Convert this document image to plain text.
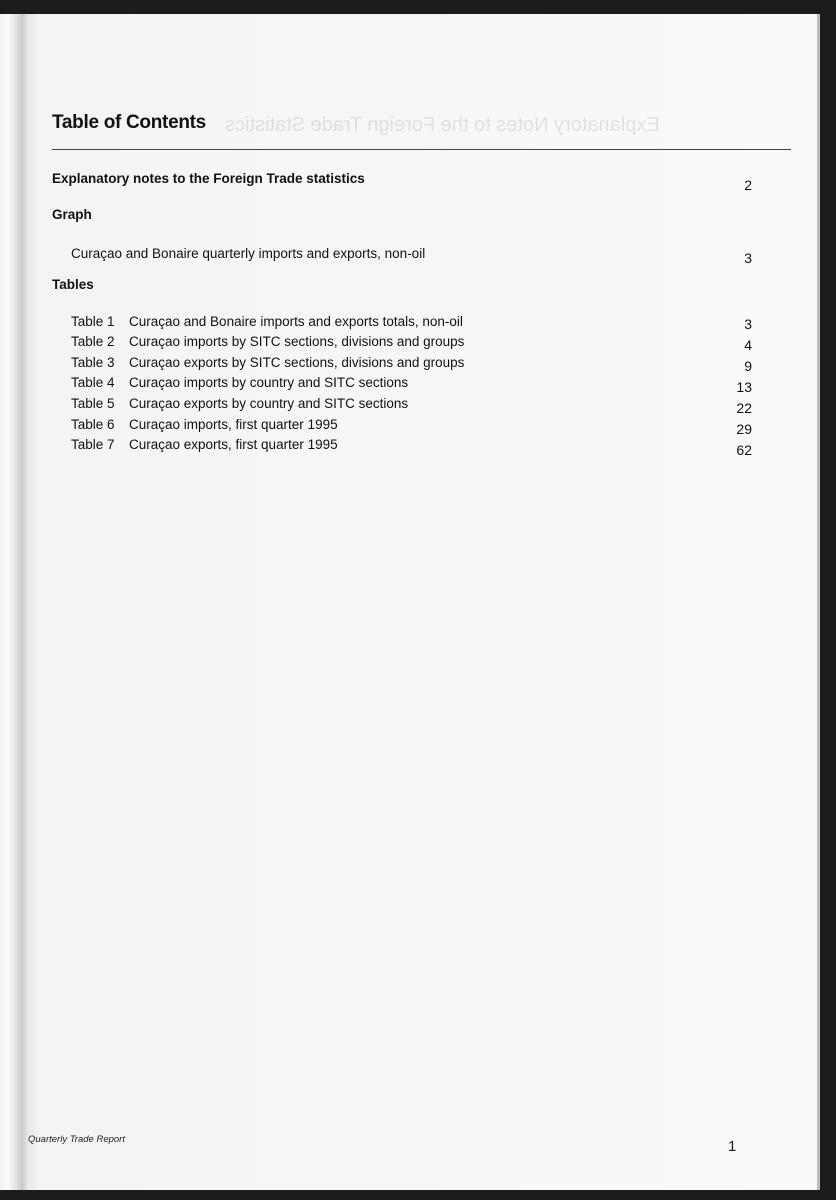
Explanatory Notes to the Foreign Trade Statistics
Table of Contents
Explanatory notes to the Foreign Trade statistics	2
Graph
Curaçao and Bonaire quarterly imports and exports, non-oil	3
Tables
Table 1 Curaçao and Bonaire imports and exports totals, non-oil	3
Table 2 Curaçao imports by SITC sections, divisions and groups	4
Table 3 Curaçao exports by SITC sections, divisions and groups	9
Table 4 Curaçao imports by country and SITC sections	13
Table 5 Curaçao exports by country and SITC sections	22
Table 6 Curaçao imports, first quarter 1995	29
Table 7 Curaçao exports, first quarter 1995	62
Quarterly Trade Report	1
